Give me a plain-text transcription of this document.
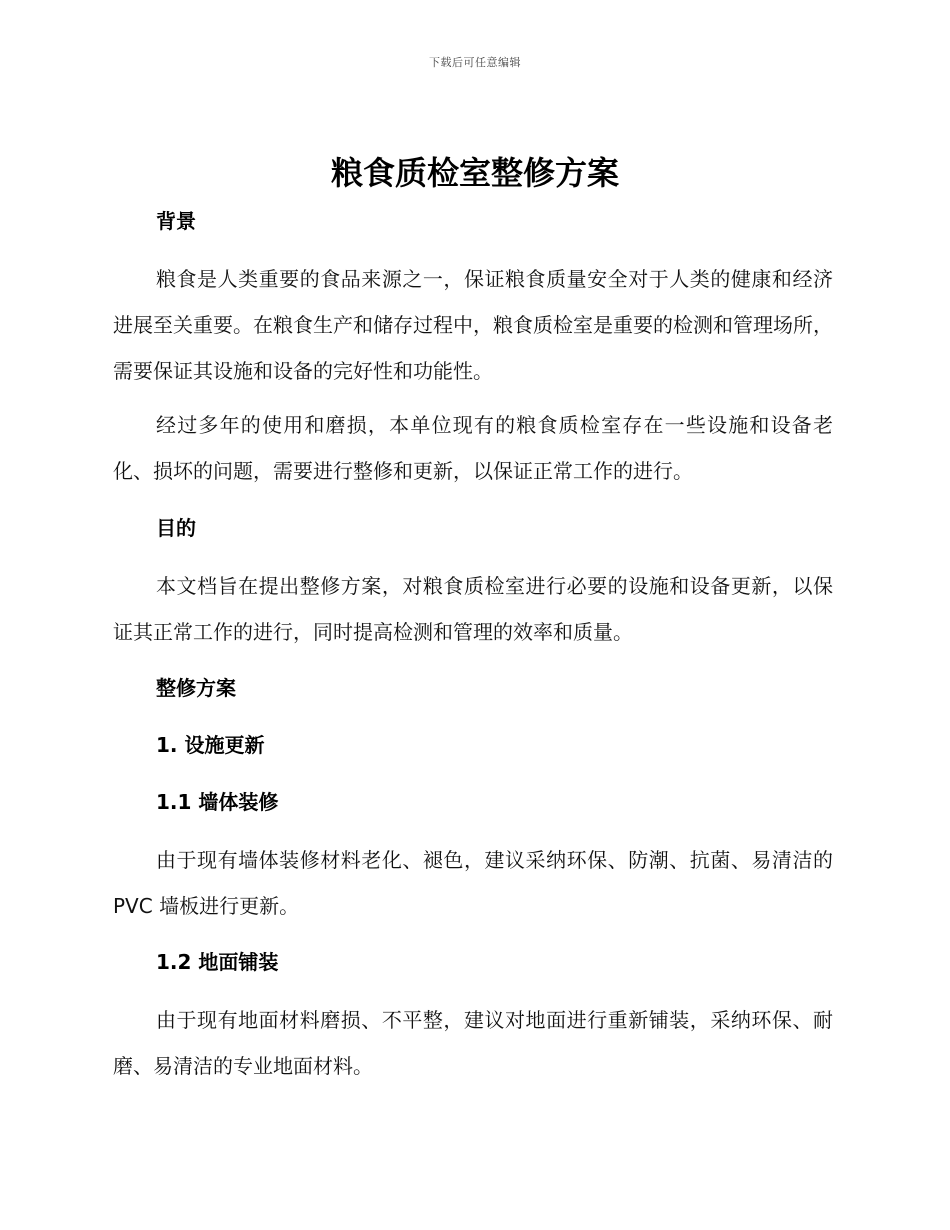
下载后可任意编辑
粮食质检室整修方案
背景

粮食是人类重要的食品来源之一，保证粮食质量安全对于人类的健康和经济进展至关重要。在粮食生产和储存过程中，粮食质检室是重要的检测和管理场所，需要保证其设施和设备的完好性和功能性。

经过多年的使用和磨损，本单位现有的粮食质检室存在一些设施和设备老化、损坏的问题，需要进行整修和更新，以保证正常工作的进行。

目的

本文档旨在提出整修方案，对粮食质检室进行必要的设施和设备更新，以保证其正常工作的进行，同时提高检测和管理的效率和质量。

整修方案
1. 设施更新
1.1 墙体装修

由于现有墙体装修材料老化、褪色，建议采纳环保、防潮、抗菌、易清洁的 PVC 墙板进行更新。

1.2 地面铺装

由于现有地面材料磨损、不平整，建议对地面进行重新铺装，采纳环保、耐磨、易清洁的专业地面材料。
